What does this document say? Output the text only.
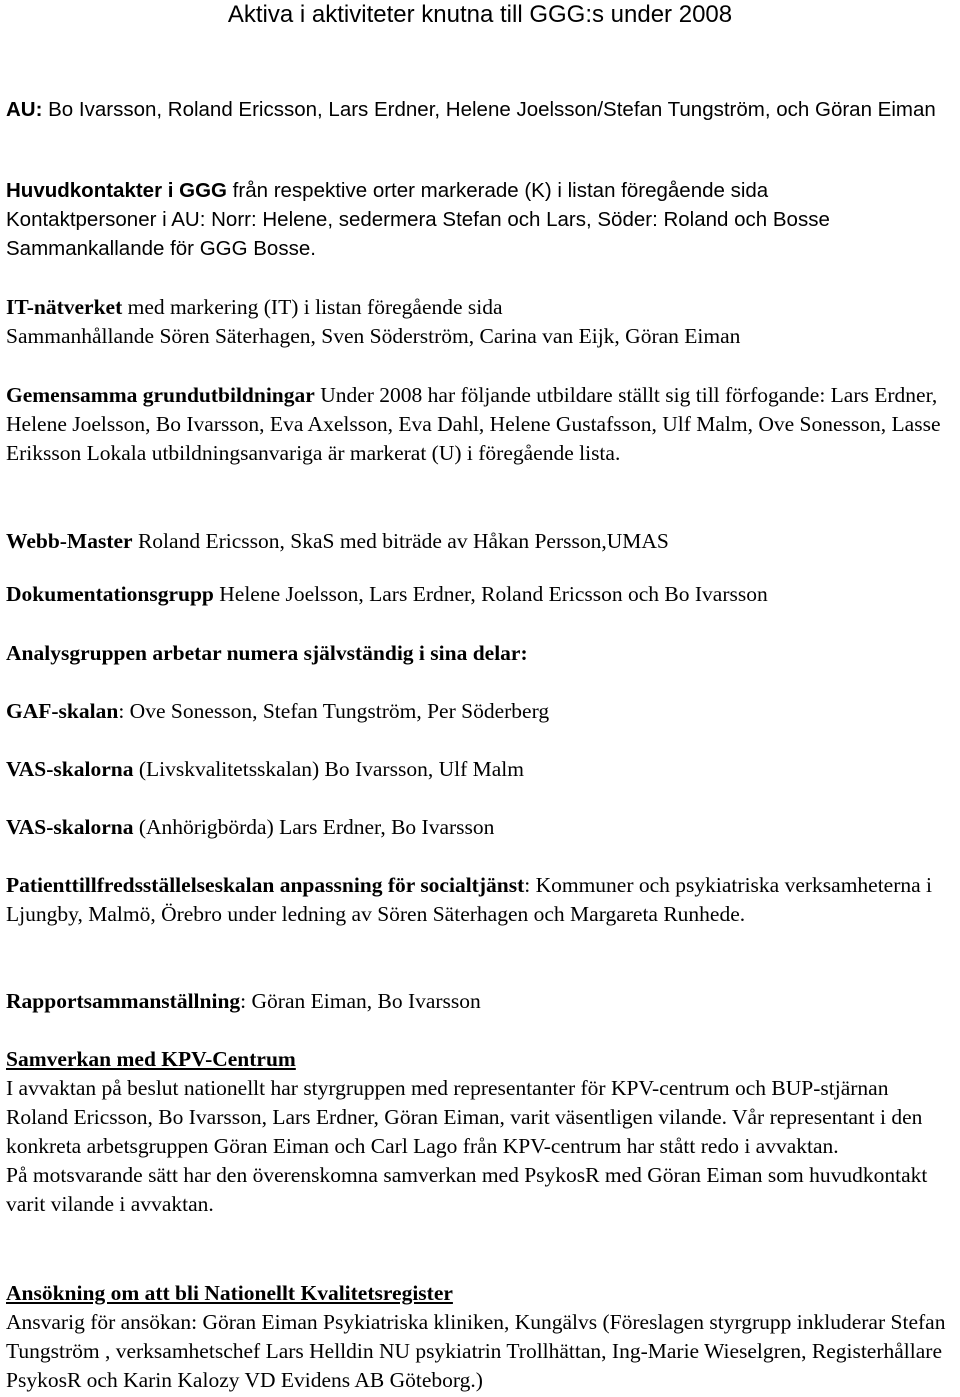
Aktiva i aktiviteter knutna till GGG:s under 2008

AU: Bo Ivarsson, Roland Ericsson, Lars Erdner, Helene Joelsson/Stefan Tungström, och Göran Eiman

Huvudkontakter i GGG från respektive orter markerade (K) i listan föregående sida

Kontaktpersoner i AU: Norr: Helene, sedermera Stefan och Lars, Söder: Roland och Bosse

Sammankallande för GGG Bosse.

IT-nätverket med markering (IT) i listan föregående sida

Sammanhållande Sören Säterhagen, Sven Söderström, Carina van Eijk, Göran Eiman

Gemensamma grundutbildningar Under 2008 har följande utbildare ställt sig till förfogande: Lars Erdner, Helene Joelsson, Bo Ivarsson, Eva Axelsson, Eva Dahl, Helene Gustafsson, Ulf Malm, Ove Sonesson, Lasse Eriksson Lokala utbildningsanvariga är markerat (U) i föregående lista.

Webb-Master Roland Ericsson, SkaS med biträde av Håkan Persson,UMAS

Dokumentationsgrupp Helene Joelsson, Lars Erdner, Roland Ericsson och Bo Ivarsson

Analysgruppen arbetar numera självständig i sina delar:

GAF-skalan: Ove Sonesson, Stefan Tungström, Per Söderberg

VAS-skalorna (Livskvalitetsskalan) Bo Ivarsson, Ulf Malm

VAS-skalorna (Anhörigbörda) Lars Erdner, Bo Ivarsson

Patienttillfredsställelseskalan anpassning för socialtjänst: Kommuner och psykiatriska verksamheterna i Ljungby, Malmö, Örebro under ledning av Sören Säterhagen och Margareta Runhede.

Rapportsammanställning: Göran Eiman, Bo Ivarsson

Samverkan med KPV-Centrum

I avvaktan på beslut nationellt har styrgruppen med representanter för KPV-centrum och BUP-stjärnan Roland Ericsson, Bo Ivarsson, Lars Erdner, Göran Eiman, varit väsentligen vilande. Vår representant i den konkreta arbetsgruppen Göran Eiman och Carl Lago från KPV-centrum har stått redo i avvaktan.

På motsvarande sätt har den överenskomna samverkan med PsykosR med Göran Eiman som huvudkontakt varit vilande i avvaktan.

Ansökning om att bli Nationellt Kvalitetsregister

Ansvarig för ansökan: Göran Eiman Psykiatriska kliniken, Kungälvs (Föreslagen styrgrupp inkluderar Stefan Tungström , verksamhetschef Lars Helldin NU psykiatrin Trollhättan, Ing-Marie Wieselgren, Registerhållare PsykosR och Karin Kalozy VD Evidens AB Göteborg.)
